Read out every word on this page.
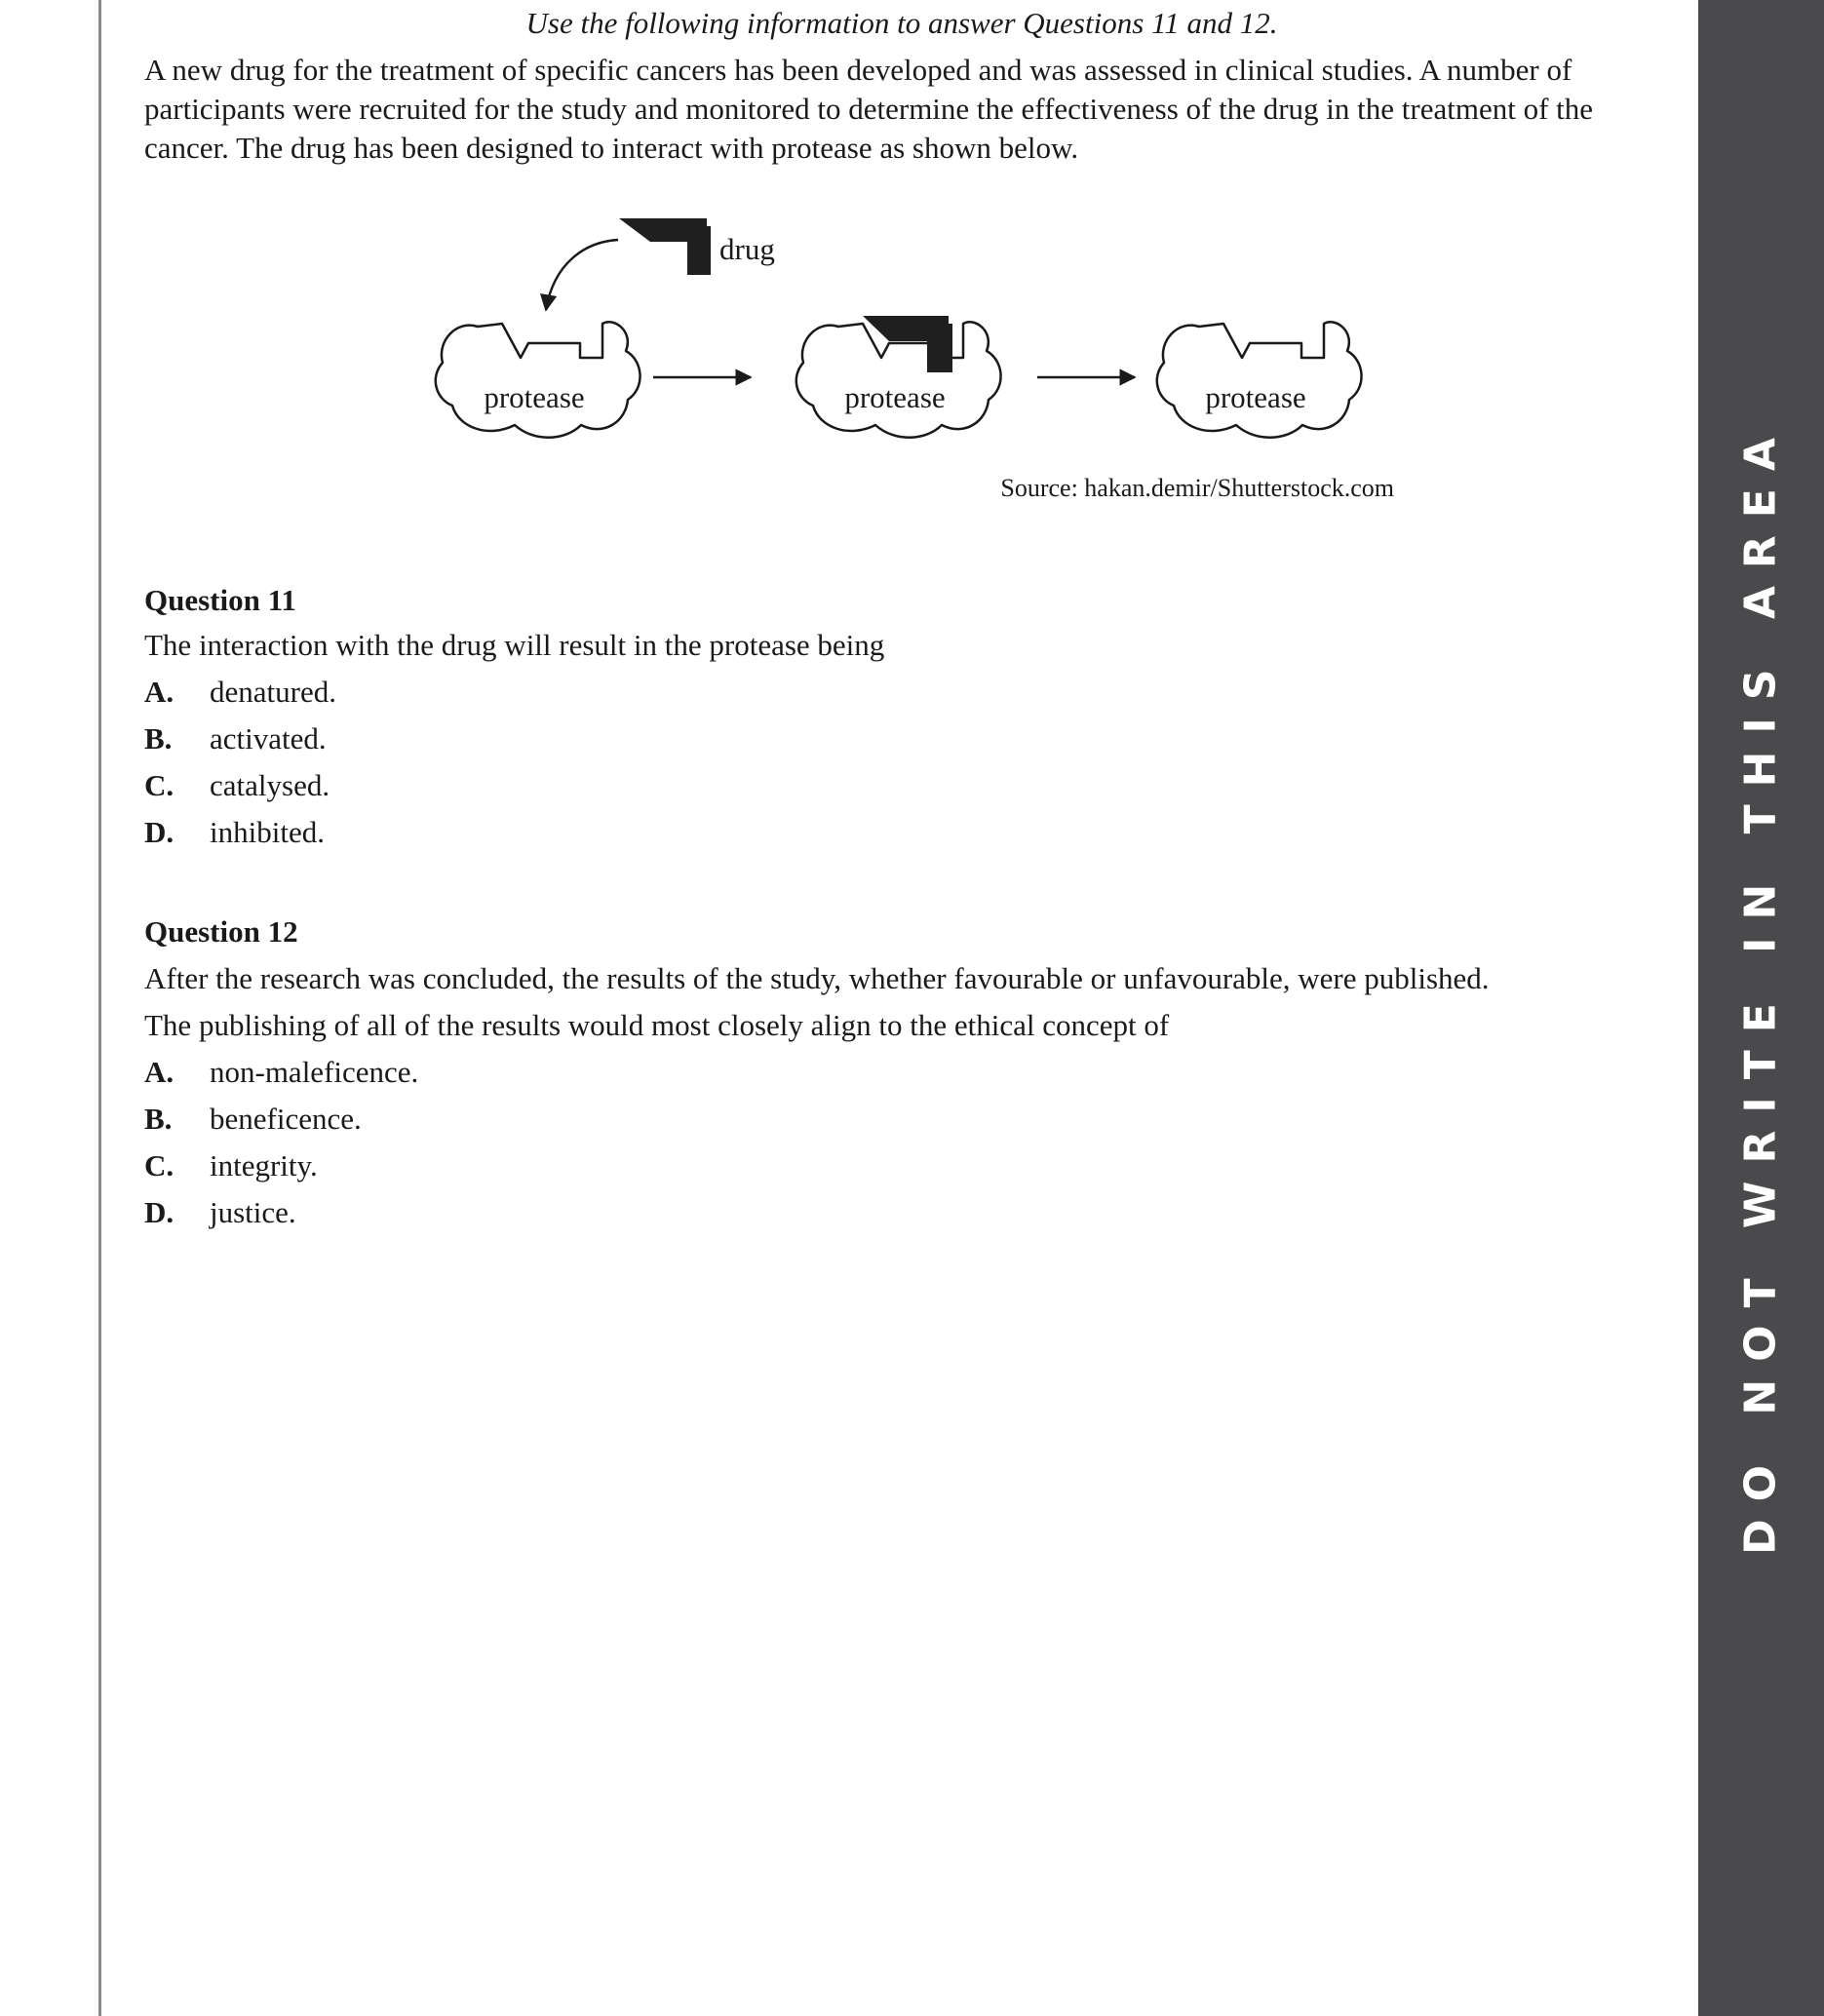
DO NOT WRITE IN THIS AREA

Use the following information to answer Questions 11 and 12.

A new drug for the treatment of specific cancers has been developed and was assessed in clinical studies. A number of participants were recruited for the study and monitored to determine the effectiveness of the drug in the treatment of the cancer. The drug has been designed to interact with protease as shown below.

drug
protease	protease	protease
Source: hakan.demir/Shutterstock.com

Question 11

The interaction with the drug will result in the protease being

A. denatured.
B. activated.
C. catalysed.
D. inhibited.

Question 12

After the research was concluded, the results of the study, whether favourable or unfavourable, were published.

The publishing of all of the results would most closely align to the ethical concept of

A. non-maleficence.
B. beneficence.
C. integrity.
D. justice.
